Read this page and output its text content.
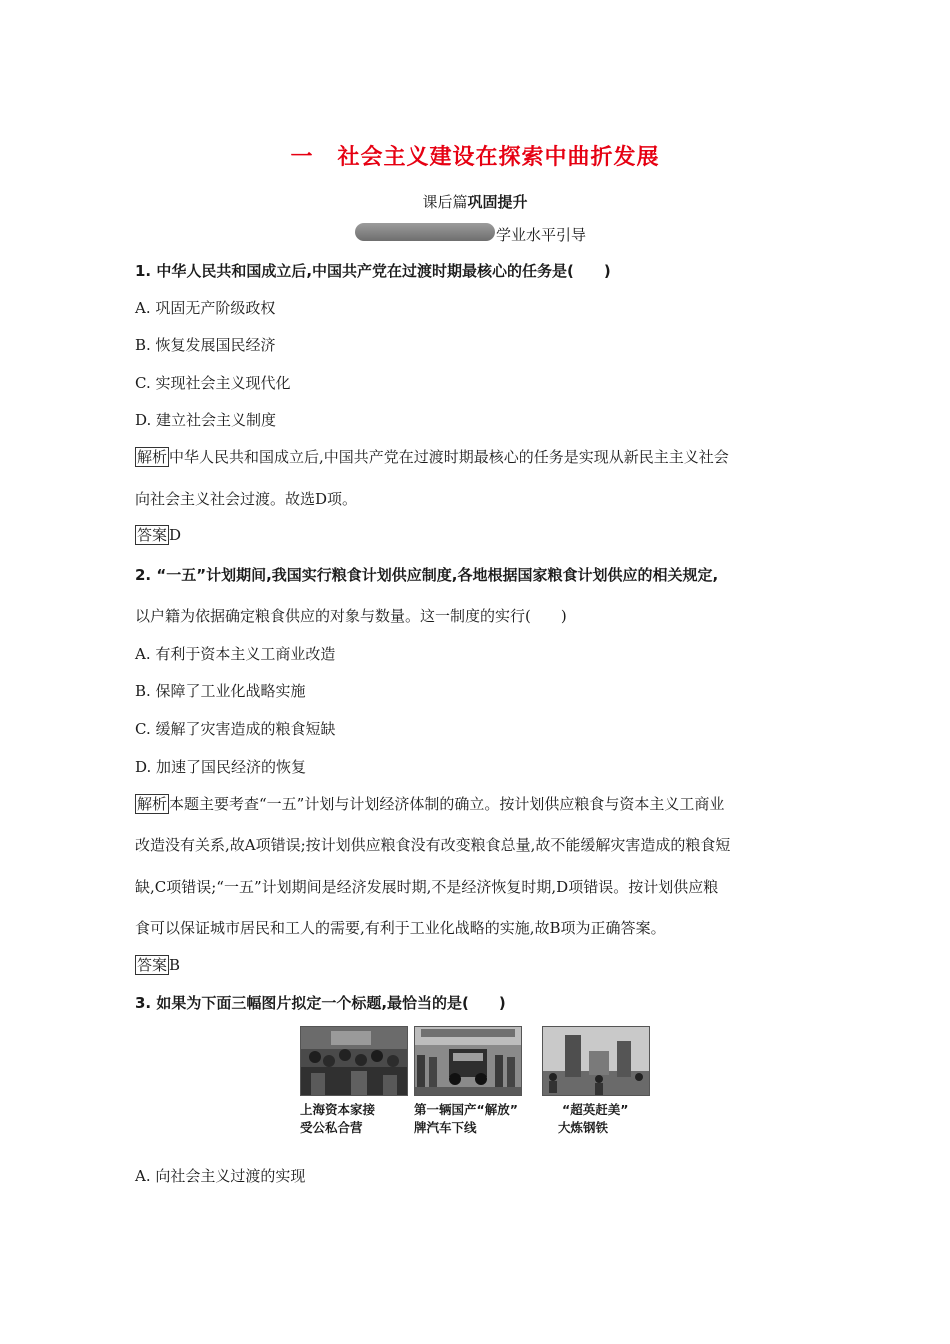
一 社会主义建设在探索中曲折发展
课后篇巩固提升
学业水平引导
1. 中华人民共和国成立后,中国共产党在过渡时期最核心的任务是(　　)
A. 巩固无产阶级政权
B. 恢复发展国民经济
C. 实现社会主义现代化
D. 建立社会主义制度
解析 中华人民共和国成立后,中国共产党在过渡时期最核心的任务是实现从新民主主义社会
向社会主义社会过渡。故选D项。
答案 D
2. “一五”计划期间,我国实行粮食计划供应制度,各地根据国家粮食计划供应的相关规定,
以户籍为依据确定粮食供应的对象与数量。这一制度的实行(　　)
A. 有利于资本主义工商业改造
B. 保障了工业化战略实施
C. 缓解了灾害造成的粮食短缺
D. 加速了国民经济的恢复
解析 本题主要考查“一五”计划与计划经济体制的确立。按计划供应粮食与资本主义工商业
改造没有关系,故A项错误;按计划供应粮食没有改变粮食总量,故不能缓解灾害造成的粮食短
缺,C项错误;“一五”计划期间是经济发展时期,不是经济恢复时期,D项错误。按计划供应粮
食可以保证城市居民和工人的需要,有利于工业化战略的实施,故B项为正确答案。
答案 B
3. 如果为下面三幅图片拟定一个标题,最恰当的是(　　)
上海资本家接
受公私合营
第一辆国产“解放”
牌汽车下线
“超英赶美”
大炼钢铁
A. 向社会主义过渡的实现
